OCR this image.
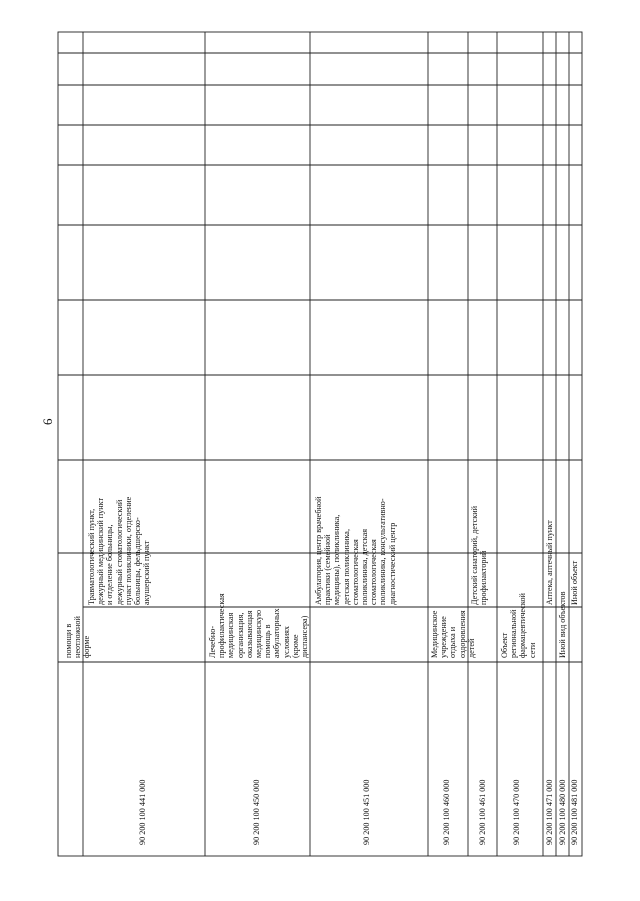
6
помощи в неотложной форме
90 200 100 441 000
Травматологический пункт, дежурный медицинский пункт и отделение больницы, дежурный стоматологический пункт поликлиники, отделение больницы, фельдшерско-акушерский пункт
90 200 100 450 000
Лечебно-профилактическая медицинская организация, оказывающая медицинскую помощь в амбулаторных условиях (кроме диспансера)
90 200 100 451 000
Амбулатория, центр врачебной практики (семейной медицины), поликлиника, детская поликлиника, стоматологическая поликлиника, детская стоматологическая поликлиника, консультативно-диагностический центр
90 200 100 460 000
Медицинское учреждение отдыха и оздоровления детей
90 200 100 461 000
Детский санаторий, детский профилакторий
90 200 100 470 000
Объект региональной фармацевтической сети
90 200 100 471 000
Аптека, аптечный пункт
90 200 100 480 000
Иной вид объектов
90 200 100 481 000
Иной объект
